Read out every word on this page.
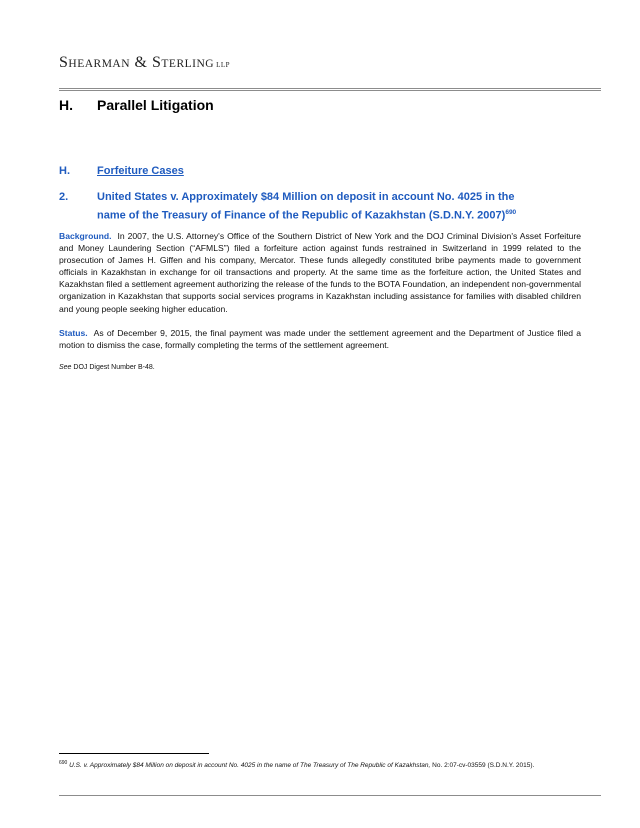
SHEARMAN & STERLING LLP
H. Parallel Litigation
H. Forfeiture Cases
2.	United States v. Approximately $84 Million on deposit in account No. 4025 in the name of the Treasury of Finance of the Republic of Kazakhstan (S.D.N.Y. 2007)$^{690}$
Background. In 2007, the U.S. Attorney's Office of the Southern District of New York and the DOJ Criminal Division's Asset Forfeiture and Money Laundering Section (“AFMLS”) filed a forfeiture action against funds restrained in Switzerland in 1999 related to the prosecution of James H. Giffen and his company, Mercator. These funds allegedly constituted bribe payments made to government officials in Kazakhstan in exchange for oil transactions and property. At the same time as the forfeiture action, the United States and Kazakhstan filed a settlement agreement authorizing the release of the funds to the BOTA Foundation, an independent non-governmental organization in Kazakhstan that supports social services programs in Kazakhstan including assistance for families with disabled children and young people seeking higher education.
Status. As of December 9, 2015, the final payment was made under the settlement agreement and the Department of Justice filed a motion to dismiss the case, formally completing the terms of the settlement agreement.
See DOJ Digest Number B-48.
$^{690}$ U.S. v. Approximately $84 Million on deposit in account No. 4025 in the name of The Treasury of The Republic of Kazakhstan, No. 2:07-cv-03559 (S.D.N.Y. 2015).
